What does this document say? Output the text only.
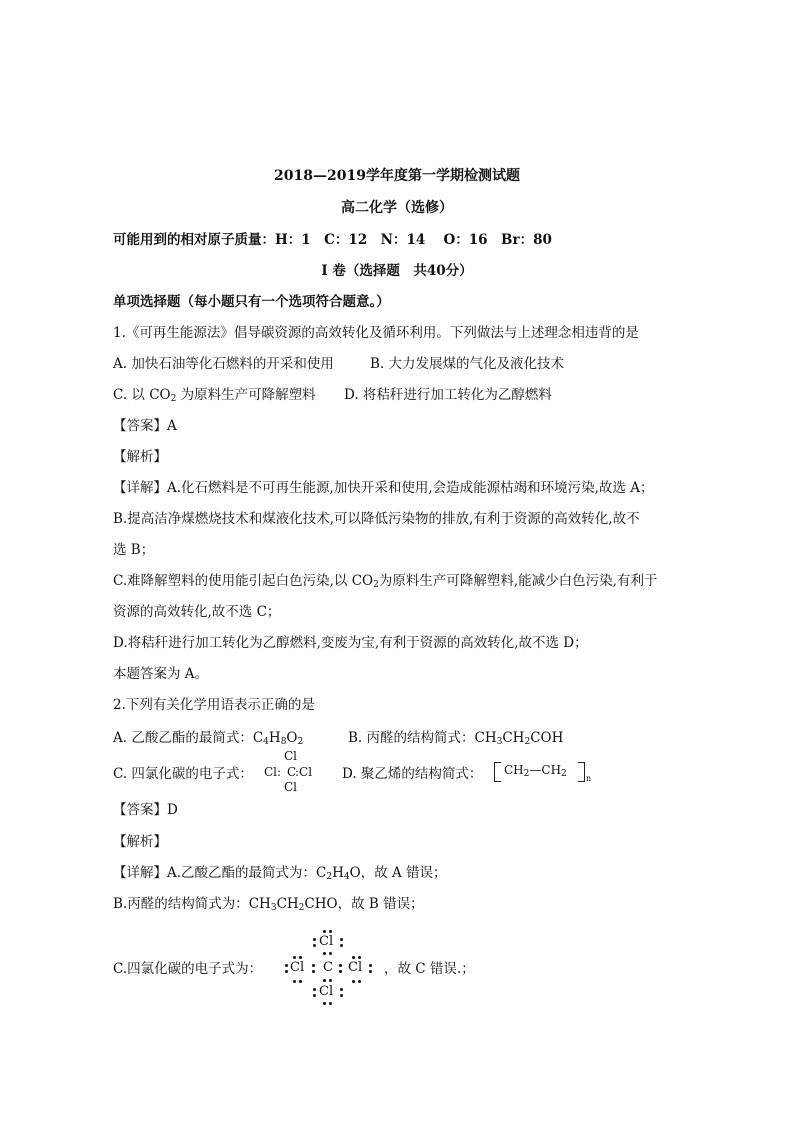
2018—2019学年度第一学期检测试题
高二化学（选修）
可能用到的相对原子质量：H：1　C：12　N：14　 O：16　Br：80
Ⅰ 卷（选择题　共40分）
单项选择题（每小题只有一个选项符合题意。）
1.《可再生能源法》倡导碳资源的高效转化及循环利用。下列做法与上述理念相违背的是
A. 加快石油等化石燃料的开采和使用	B. 大力发展煤的气化及液化技术
C. 以 $CO_2$ 为原料生产可降解塑料 D. 将秸秆进行加工转化为乙醇燃料
【答案】A
【解析】
【详解】A.化石燃料是不可再生能源,加快开采和使用,会造成能源枯竭和环境污染,故选 A；
B.提高洁净煤燃烧技术和煤液化技术,可以降低污染物的排放,有利于资源的高效转化,故不
选 B；
C.难降解塑料的使用能引起白色污染,以 $CO_2$为原料生产可降解塑料,能减少白色污染,有利于
资源的高效转化,故不选 C；
D.将秸秆进行加工转化为乙醇燃料,变废为宝,有利于资源的高效转化,故不选 D；
本题答案为 A。
2.下列有关化学用语表示正确的是
A. 乙酸乙酯的最简式：$C_4H_8O_2$	B. 丙醛的结构简式：$CH_3CH_2COH$
C. 四氯化碳的电子式：
Cl
Cl: C
:Cl
Cl
D. 聚乙烯的结构简式： $CH_2—CH_2$ n
【答案】D
【解析】
【详解】A.乙酸乙酯的最简式为：$C_2H_4O$，故 A 错误；
B.丙醛的结构简式为：$CH_3CH_2CHO$，故 B 错误；
C.四氯化碳的电子式为：
Cl
Cl C Cl
Cl
，故 C 错误.；
